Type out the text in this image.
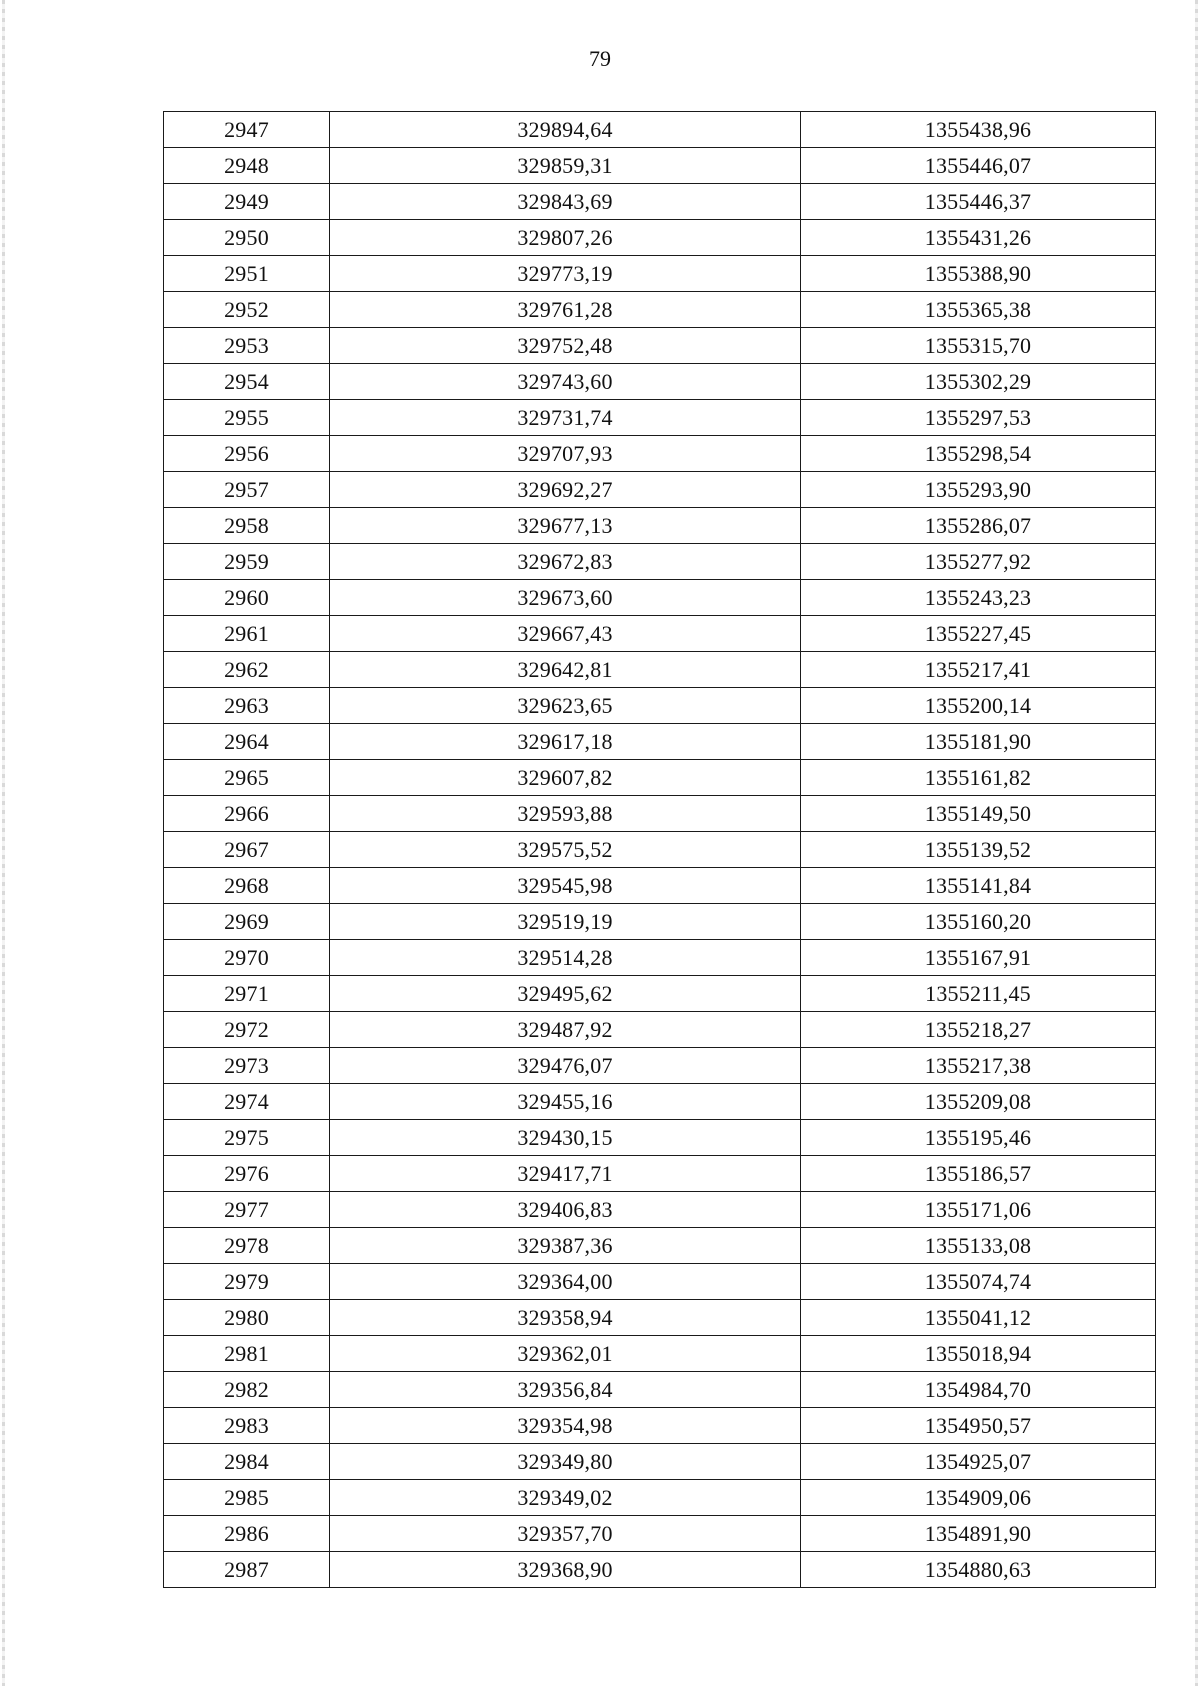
79
2947	329894,64	1355438,96
2948	329859,31	1355446,07
2949	329843,69	1355446,37
2950	329807,26	1355431,26
2951	329773,19	1355388,90
2952	329761,28	1355365,38
2953	329752,48	1355315,70
2954	329743,60	1355302,29
2955	329731,74	1355297,53
2956	329707,93	1355298,54
2957	329692,27	1355293,90
2958	329677,13	1355286,07
2959	329672,83	1355277,92
2960	329673,60	1355243,23
2961	329667,43	1355227,45
2962	329642,81	1355217,41
2963	329623,65	1355200,14
2964	329617,18	1355181,90
2965	329607,82	1355161,82
2966	329593,88	1355149,50
2967	329575,52	1355139,52
2968	329545,98	1355141,84
2969	329519,19	1355160,20
2970	329514,28	1355167,91
2971	329495,62	1355211,45
2972	329487,92	1355218,27
2973	329476,07	1355217,38
2974	329455,16	1355209,08
2975	329430,15	1355195,46
2976	329417,71	1355186,57
2977	329406,83	1355171,06
2978	329387,36	1355133,08
2979	329364,00	1355074,74
2980	329358,94	1355041,12
2981	329362,01	1355018,94
2982	329356,84	1354984,70
2983	329354,98	1354950,57
2984	329349,80	1354925,07
2985	329349,02	1354909,06
2986	329357,70	1354891,90
2987	329368,90	1354880,63
